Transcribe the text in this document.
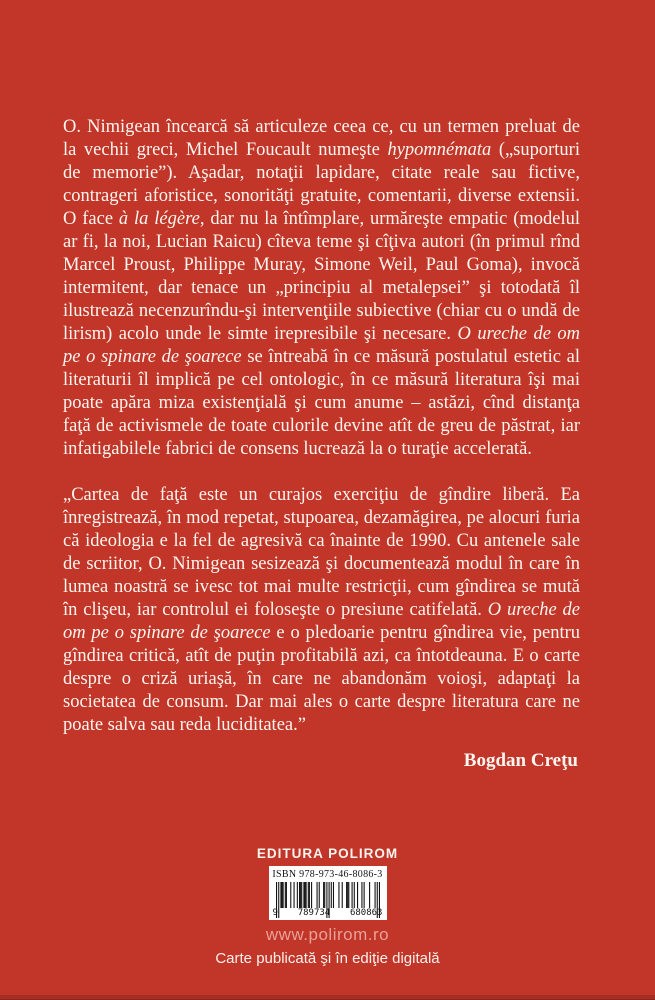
O. Nimigean încearcă să articuleze ceea ce, cu un termen preluat de la vechii greci, Michel Foucault numeşte hypomnémata („suporturi de memorie”). Aşadar, notaţii lapidare, citate reale sau fictive, contrageri aforistice, sonorităţi gratuite, comentarii, diverse extensii. O face à la légère, dar nu la întîmplare, urmăreşte empatic (modelul ar fi, la noi, Lucian Raicu) cîteva teme şi cîţiva autori (în primul rînd Marcel Proust, Philippe Muray, Simone Weil, Paul Goma), invocă intermitent, dar tenace un „principiu al metalepsei” şi totodată îl ilustrează necenzurîndu-şi intervenţiile subiective (chiar cu o undă de lirism) acolo unde le simte irepresibile şi necesare. O ureche de om pe o spinare de şoarece se întreabă în ce măsură postulatul estetic al literaturii îl implică pe cel ontologic, în ce măsură literatura îşi mai poate apăra miza existenţială şi cum anume – astăzi, cînd distanţa faţă de activismele de toate culorile devine atît de greu de păstrat, iar infatigabilele fabrici de consens lucrează la o turaţie accelerată.

„Cartea de faţă este un curajos exerciţiu de gîndire liberă. Ea înregistrează, în mod repetat, stupoarea, dezamăgirea, pe alocuri furia că ideologia e la fel de agresivă ca înainte de 1990. Cu antenele sale de scriitor, O. Nimigean sesizează şi documentează modul în care în lumea noastră se ivesc tot mai multe restricţii, cum gîndirea se mută în clişeu, iar controlul ei foloseşte o presiune catifelată. O ureche de om pe o spinare de şoarece e o pledoarie pentru gîndirea vie, pentru gîndirea critică, atît de puţin profitabilă azi, ca întotdeauna. E o carte despre o criză uriaşă, în care ne abandonăm voioşi, adaptaţi la societatea de consum. Dar mai ales o carte despre literatura care ne poate salva sau reda luciditatea.”

Bogdan Creţu
EDITURA POLIROM
ISBN 978-973-46-8086-3
9 789734 680863
www.polirom.ro
Carte publicată şi în ediţie digitală
